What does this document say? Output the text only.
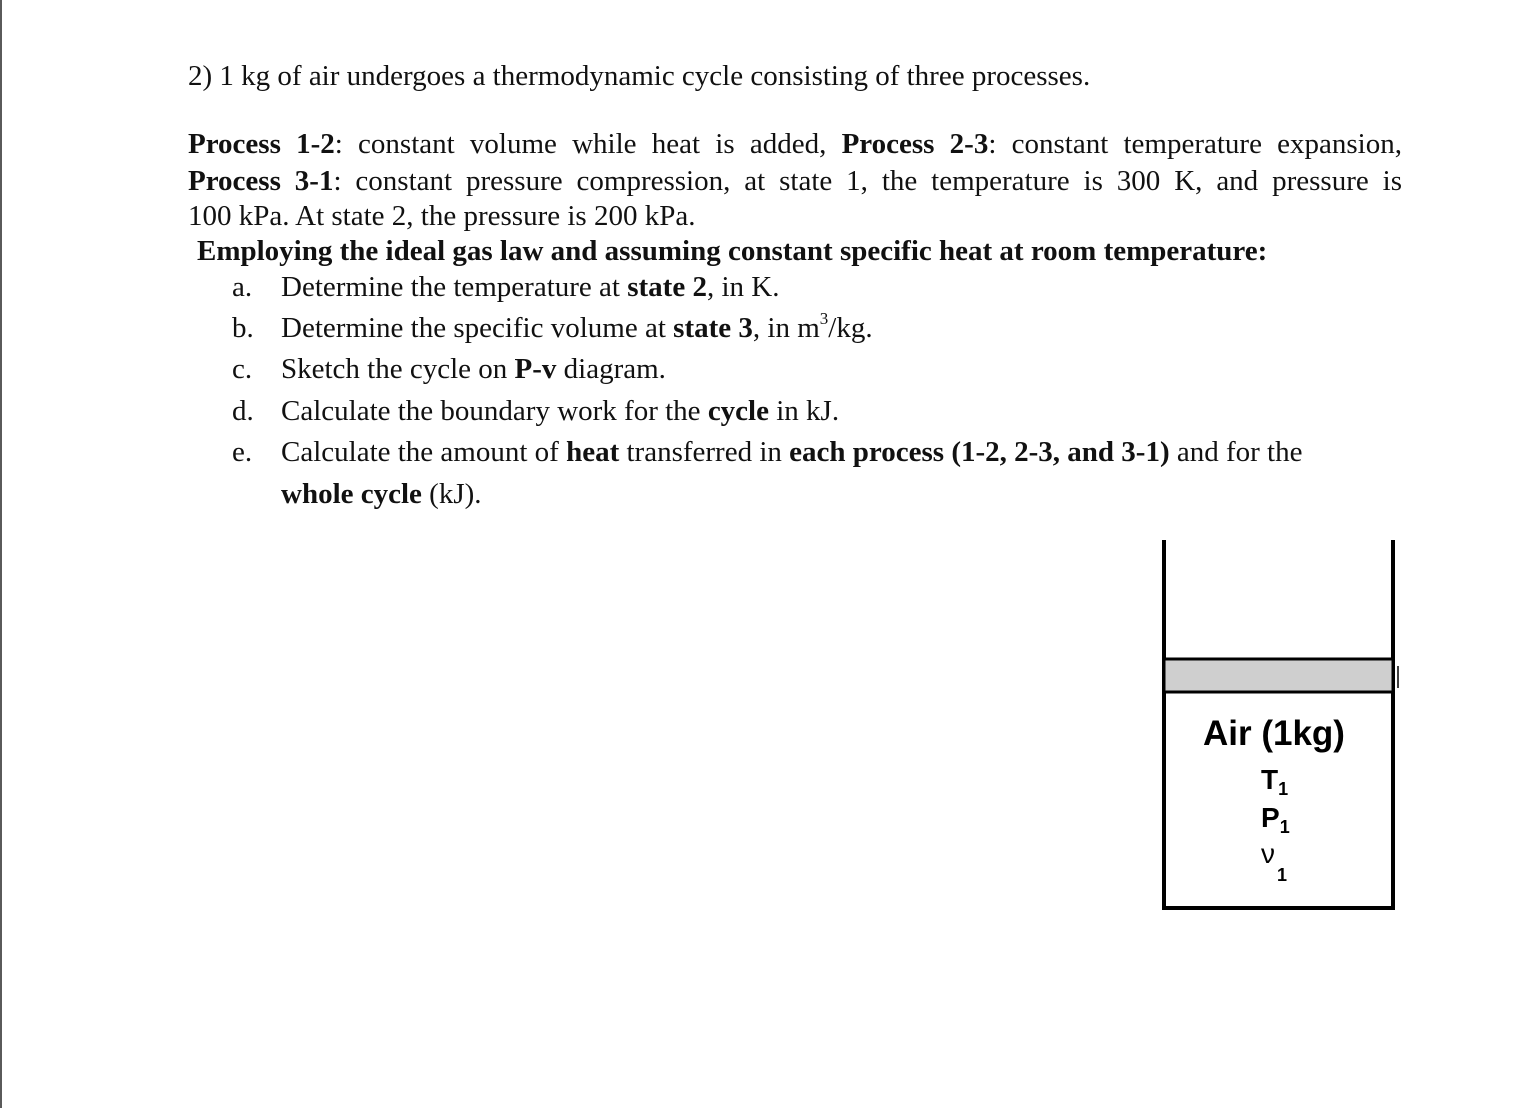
2) 1 kg of air undergoes a thermodynamic cycle consisting of three processes.
Process 1-2: constant volume while heat is added, Process 2-3: constant temperature expansion,
Process 3-1: constant pressure compression, at state 1, the temperature is 300 K, and pressure is
100 kPa. At state 2, the pressure is 200 kPa.
Employing the ideal gas law and assuming constant specific heat at room temperature:
a. Determine the temperature at state 2, in K.
b. Determine the specific volume at state 3, in $m^3/kg$.
c. Sketch the cycle on P-v diagram.
d. Calculate the boundary work for the cycle in kJ.
e. Calculate the amount of heat transferred in each process (1-2, 2-3, and 3-1) and for the
whole cycle (kJ).
Air (1kg)
$T_1$
$P_1$
$\nu_1$
